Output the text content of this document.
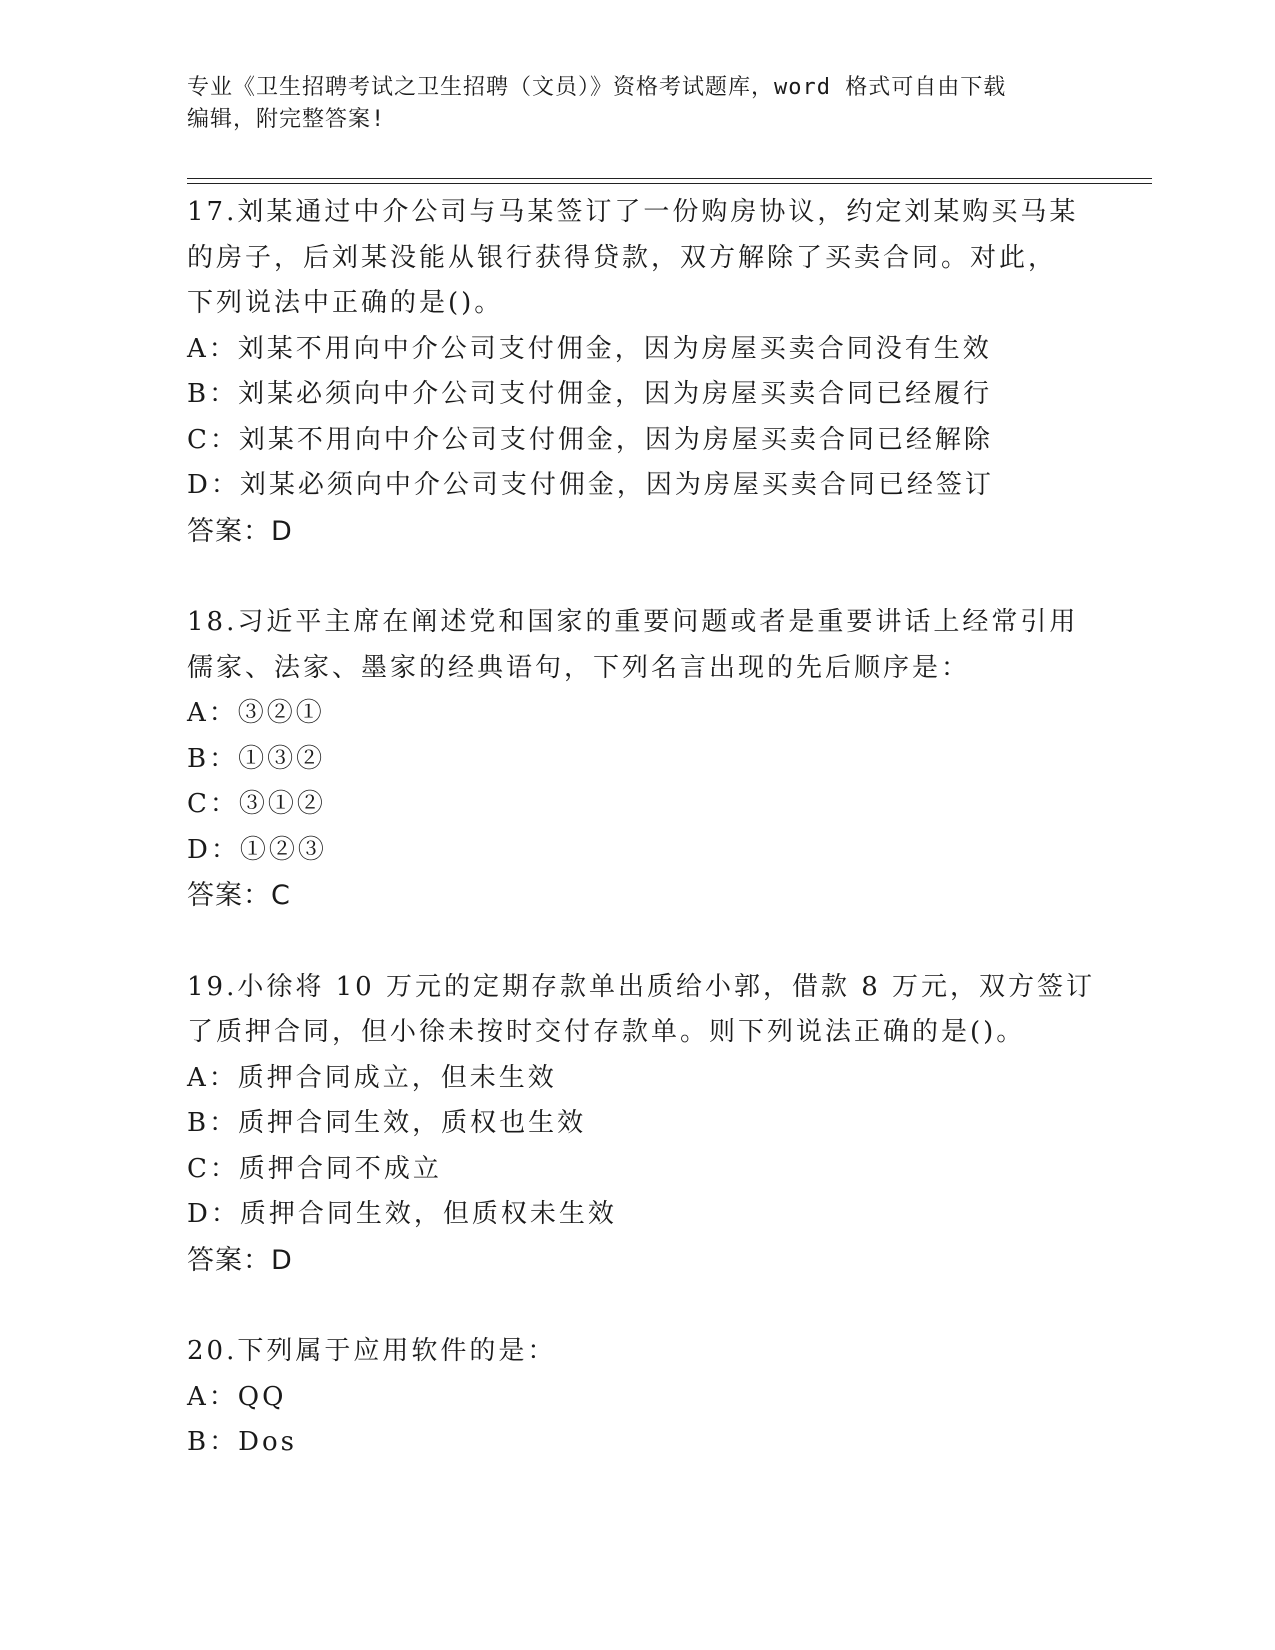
专业《卫生招聘考试之卫生招聘（文员）》资格考试题库，word 格式可自由下载
编辑，附完整答案!
17.刘某通过中介公司与马某签订了一份购房协议，约定刘某购买马某
的房子，后刘某没能从银行获得贷款，双方解除了买卖合同。对此，
下列说法中正确的是()。
A：刘某不用向中介公司支付佣金，因为房屋买卖合同没有生效
B：刘某必须向中介公司支付佣金，因为房屋买卖合同已经履行
C：刘某不用向中介公司支付佣金，因为房屋买卖合同已经解除
D：刘某必须向中介公司支付佣金，因为房屋买卖合同已经签订
答案：D
18.习近平主席在阐述党和国家的重要问题或者是重要讲话上经常引用
儒家、法家、墨家的经典语句，下列名言出现的先后顺序是：
A：③②①
B：①③②
C：③①②
D：①②③
答案：C
19.小徐将 10 万元的定期存款单出质给小郭，借款 8 万元，双方签订
了质押合同，但小徐未按时交付存款单。则下列说法正确的是()。
A：质押合同成立，但未生效
B：质押合同生效，质权也生效
C：质押合同不成立
D：质押合同生效，但质权未生效
答案：D
20.下列属于应用软件的是：
A：QQ
B：Dos
